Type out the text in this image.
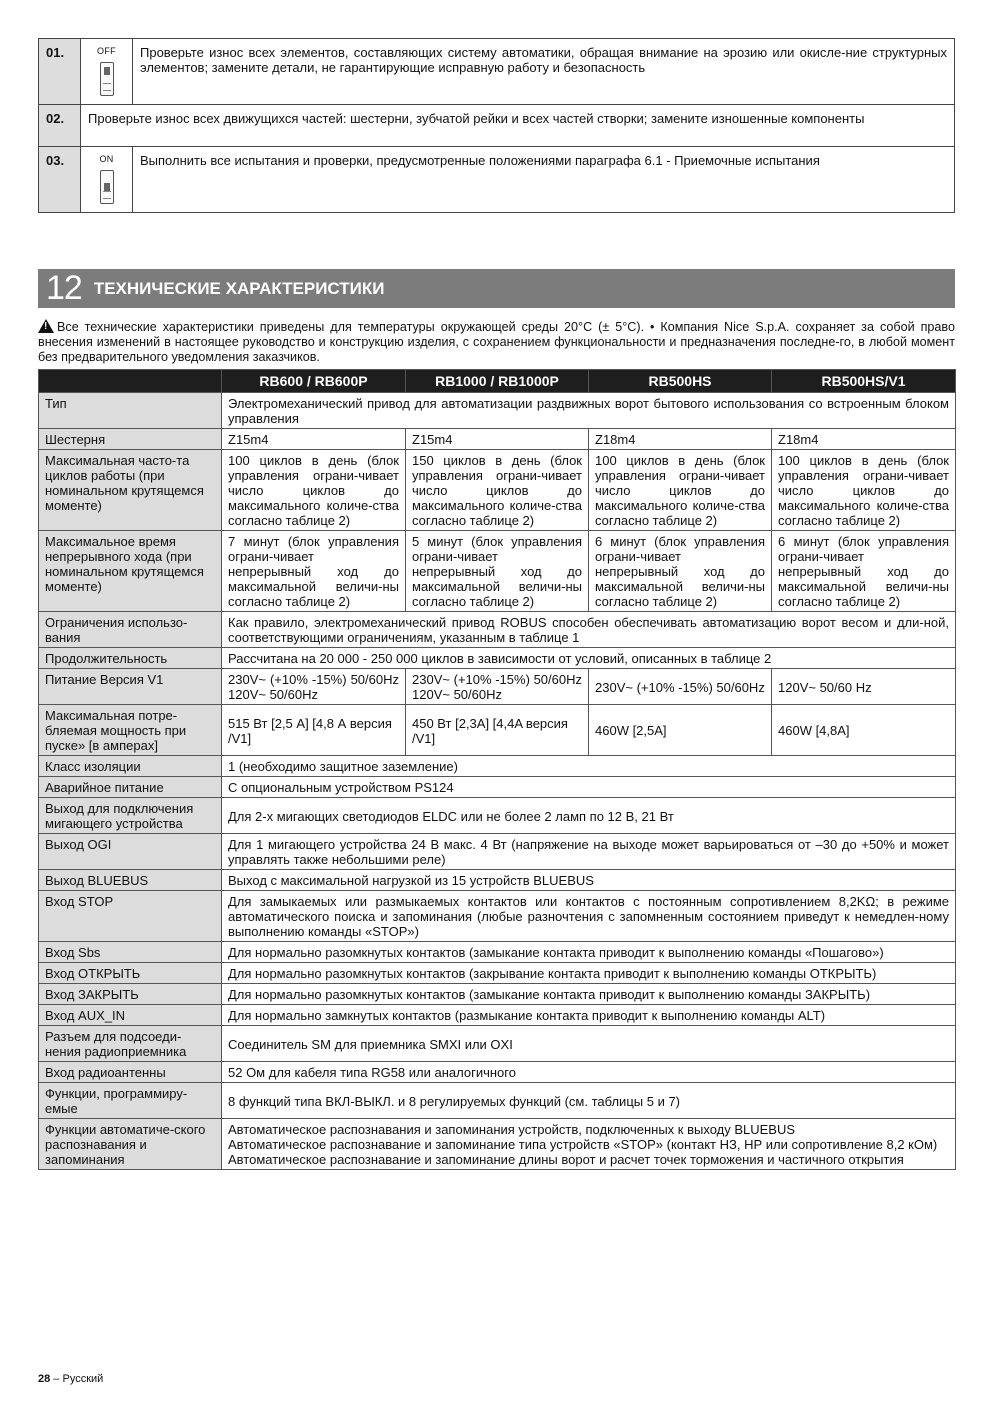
01.	OFF	Проверьте износ всех элементов, составляющих систему автоматики, обращая внимание на эрозию или окисле-ние структурных элементов; замените детали, не гарантирующие исправную работу и безопасность
02.	Проверьте износ всех движущихся частей: шестерни, зубчатой рейки и всех частей створки; замените изношенные компоненты	
03.	ON	Выполнить все испытания и проверки, предусмотренные положениями параграфа 6.1 - Приемочные испытания
12 ТЕХНИЧЕСКИЕ ХАРАКТЕРИСТИКИ
!Все технические характеристики приведены для температуры окружающей среды 20°C (± 5°C). • Компания Nice S.p.A. сохраняет за собой право внесения изменений в настоящее руководство и конструкцию изделия, с сохранением функциональности и предназначения последне-го, в любой момент без предварительного уведомления заказчиков.
	RB600 / RB600P	RB1000 / RB1000P	RB500HS	RB500HS/V1
Тип	Электромеханический привод для автоматизации раздвижных ворот бытового использования со встроенным блоком управления			
Шестерня	Z15m4	Z15m4	Z18m4	Z18m4
Максимальная часто-та циклов работы (при номинальном крутящемся моменте)	100 циклов в день (блок управления ограни-чивает число циклов до максимального количе-ства согласно таблице 2)	150 циклов в день (блок управления ограни-чивает число циклов до максимального количе-ства согласно таблице 2)	100 циклов в день (блок управления ограни-чивает число циклов до максимального количе-ства согласно таблице 2)	100 циклов в день (блок управления ограни-чивает число циклов до максимального количе-ства согласно таблице 2)
Максимальное время непрерывного хода (при номинальном крутящемся моменте)	7 минут (блок управления ограни-чивает непрерывный ход до максимальной величи-ны согласно таблице 2)	5 минут (блок управления ограни-чивает непрерывный ход до максимальной величи-ны согласно таблице 2)	6 минут (блок управления ограни-чивает непрерывный ход до максимальной величи-ны согласно таблице 2)	6 минут (блок управления ограни-чивает непрерывный ход до максимальной величи-ны согласно таблице 2)
Ограничения использо-вания	Как правило, электромеханический привод ROBUS способен обеспечивать автоматизацию ворот весом и дли-ной, соответствующими ограничениям, указанным в таблице 1			
Продолжительность	Рассчитана на 20 000 - 250 000 циклов в зависимости от условий, описанных в таблице 2			
Питание Версия V1	230V~ (+10% -15%) 50/60Hz 120V~ 50/60Hz	230V~ (+10% -15%) 50/60Hz 120V~ 50/60Hz	230V~ (+10% -15%) 50/60Hz	120V~ 50/60 Hz
Максимальная потре-бляемая мощность при пуске» [в амперах]	515 Вт [2,5 A] [4,8 А версия /V1]	450 Вт [2,3A] [4,4A версия /V1]	460W [2,5A]	460W [4,8A]
Класс изоляции	1 (необходимо защитное заземление)			
Аварийное питание	С опциональным устройством PS124			
Выход для подключения мигающего устройства	Для 2-х мигающих светодиодов ELDC или не более 2 ламп по 12 В, 21 Вт			
Выход OGI	Для 1 мигающего устройства 24 В макс. 4 Вт (напряжение на выходе может варьироваться от –30 до +50% и может управлять также небольшими реле)			
Выход BLUEBUS	Выход с максимальной нагрузкой из 15 устройств BLUEBUS			
Вход STOP	Для замыкаемых или размыкаемых контактов или контактов с постоянным сопротивлением 8,2KΩ; в режиме автоматического поиска и запоминания (любые разночтения с запомненным состоянием приведут к немедлен-ному выполнению команды «STOP»)			
Вход Sbs	Для нормально разомкнутых контактов (замыкание контакта приводит к выполнению команды «Пошагово»)			
Вход ОТКРЫТЬ	Для нормально разомкнутых контактов (закрывание контакта приводит к выполнению команды ОТКРЫТЬ)			
Вход ЗАКРЫТЬ	Для нормально разомкнутых контактов (замыкание контакта приводит к выполнению команды ЗАКРЫТЬ)			
Вход AUX_IN	Для нормально замкнутых контактов (размыкание контакта приводит к выполнению команды ALT)			
Разъем для подсоеди-нения радиоприемника	Соединитель SM для приемника SMXI или OXI			
Вход радиоантенны	52 Ом для кабеля типа RG58 или аналогичного			
Функции, программиру-емые	8 функций типа ВКЛ-ВЫКЛ. и 8 регулируемых функций (см. таблицы 5 и 7)			
Функции автоматиче-ского распознавания и запоминания	Автоматическое распознавания и запоминания устройств, подключенных к выходу BLUEBUS
Автоматическое распознавание и запоминание типа устройств «STOP» (контакт НЗ, НР или сопротивление 8,2 кОм)
Автоматическое распознавание и запоминание длины ворот и расчет точек торможения и частичного открытия			
28 – Русский
